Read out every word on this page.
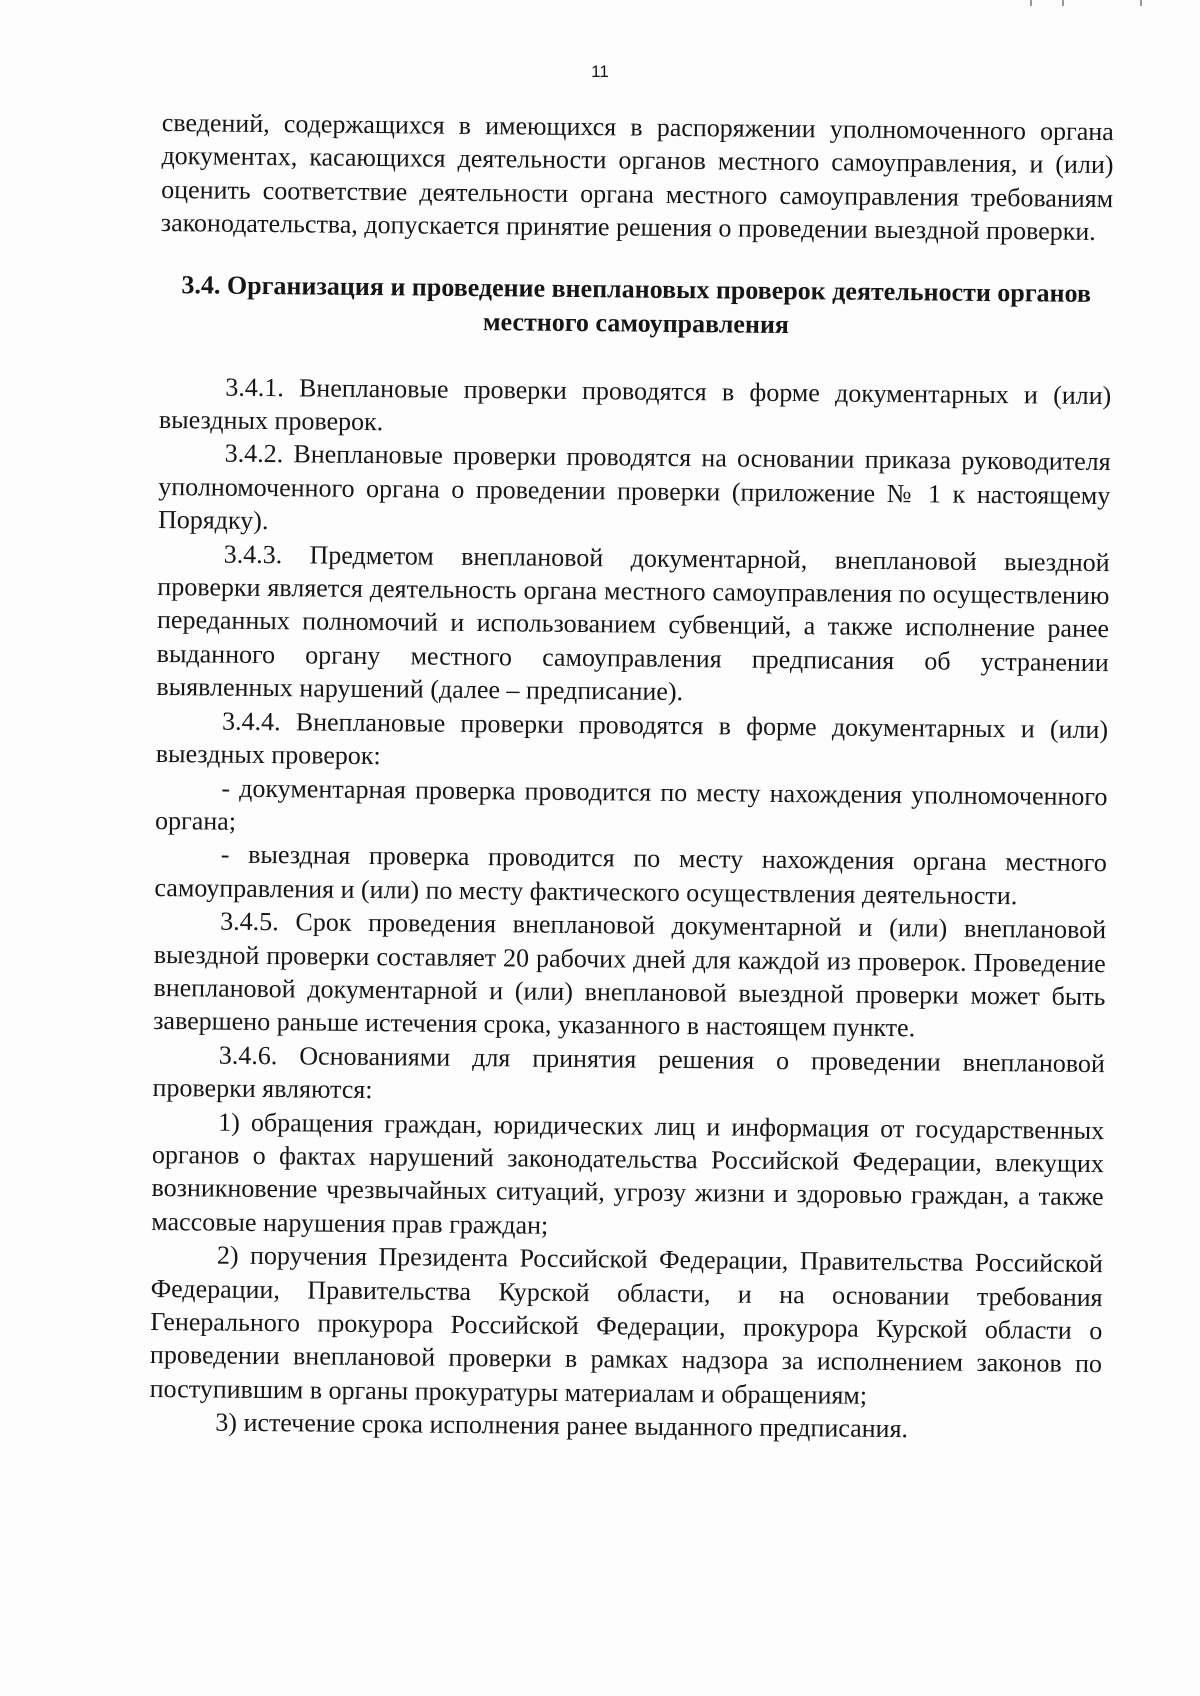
11

сведений, содержащихся в имеющихся в распоряжении уполномоченного органа документах, касающихся деятельности органов местного самоуправления, и (или) оценить соответствие деятельности органа местного самоуправления требованиям законодательства, допускается принятие решения о проведении выездной проверки.

3.4. Организация и проведение внеплановых проверок деятельности органов местного самоуправления

3.4.1. Внеплановые проверки проводятся в форме документарных и (или) выездных проверок.

3.4.2. Внеплановые проверки проводятся на основании приказа руководителя уполномоченного органа о проведении проверки (приложение № 1 к настоящему Порядку).

3.4.3. Предметом внеплановой документарной, внеплановой выездной проверки является деятельность органа местного самоуправления по осуществлению переданных полномочий и использованием субвенций, а также исполнение ранее выданного органу местного самоуправления предписания об устранении выявленных нарушений (далее – предписание).

3.4.4. Внеплановые проверки проводятся в форме документарных и (или) выездных проверок:

- документарная проверка проводится по месту нахождения уполномоченного органа;

- выездная проверка проводится по месту нахождения органа местного самоуправления и (или) по месту фактического осуществления деятельности.

3.4.5. Срок проведения внеплановой документарной и (или) внеплановой выездной проверки составляет 20 рабочих дней для каждой из проверок. Проведение внеплановой документарной и (или) внеплановой выездной проверки может быть завершено раньше истечения срока, указанного в настоящем пункте.

3.4.6. Основаниями для принятия решения о проведении внеплановой проверки являются:

1) обращения граждан, юридических лиц и информация от государственных органов о фактах нарушений законодательства Российской Федерации, влекущих возникновение чрезвычайных ситуаций, угрозу жизни и здоровью граждан, а также массовые нарушения прав граждан;

2) поручения Президента Российской Федерации, Правительства Российской Федерации, Правительства Курской области, и на основании требования Генерального прокурора Российской Федерации, прокурора Курской области о проведении внеплановой проверки в рамках надзора за исполнением законов по поступившим в органы прокуратуры материалам и обращениям;

3) истечение срока исполнения ранее выданного предписания.
